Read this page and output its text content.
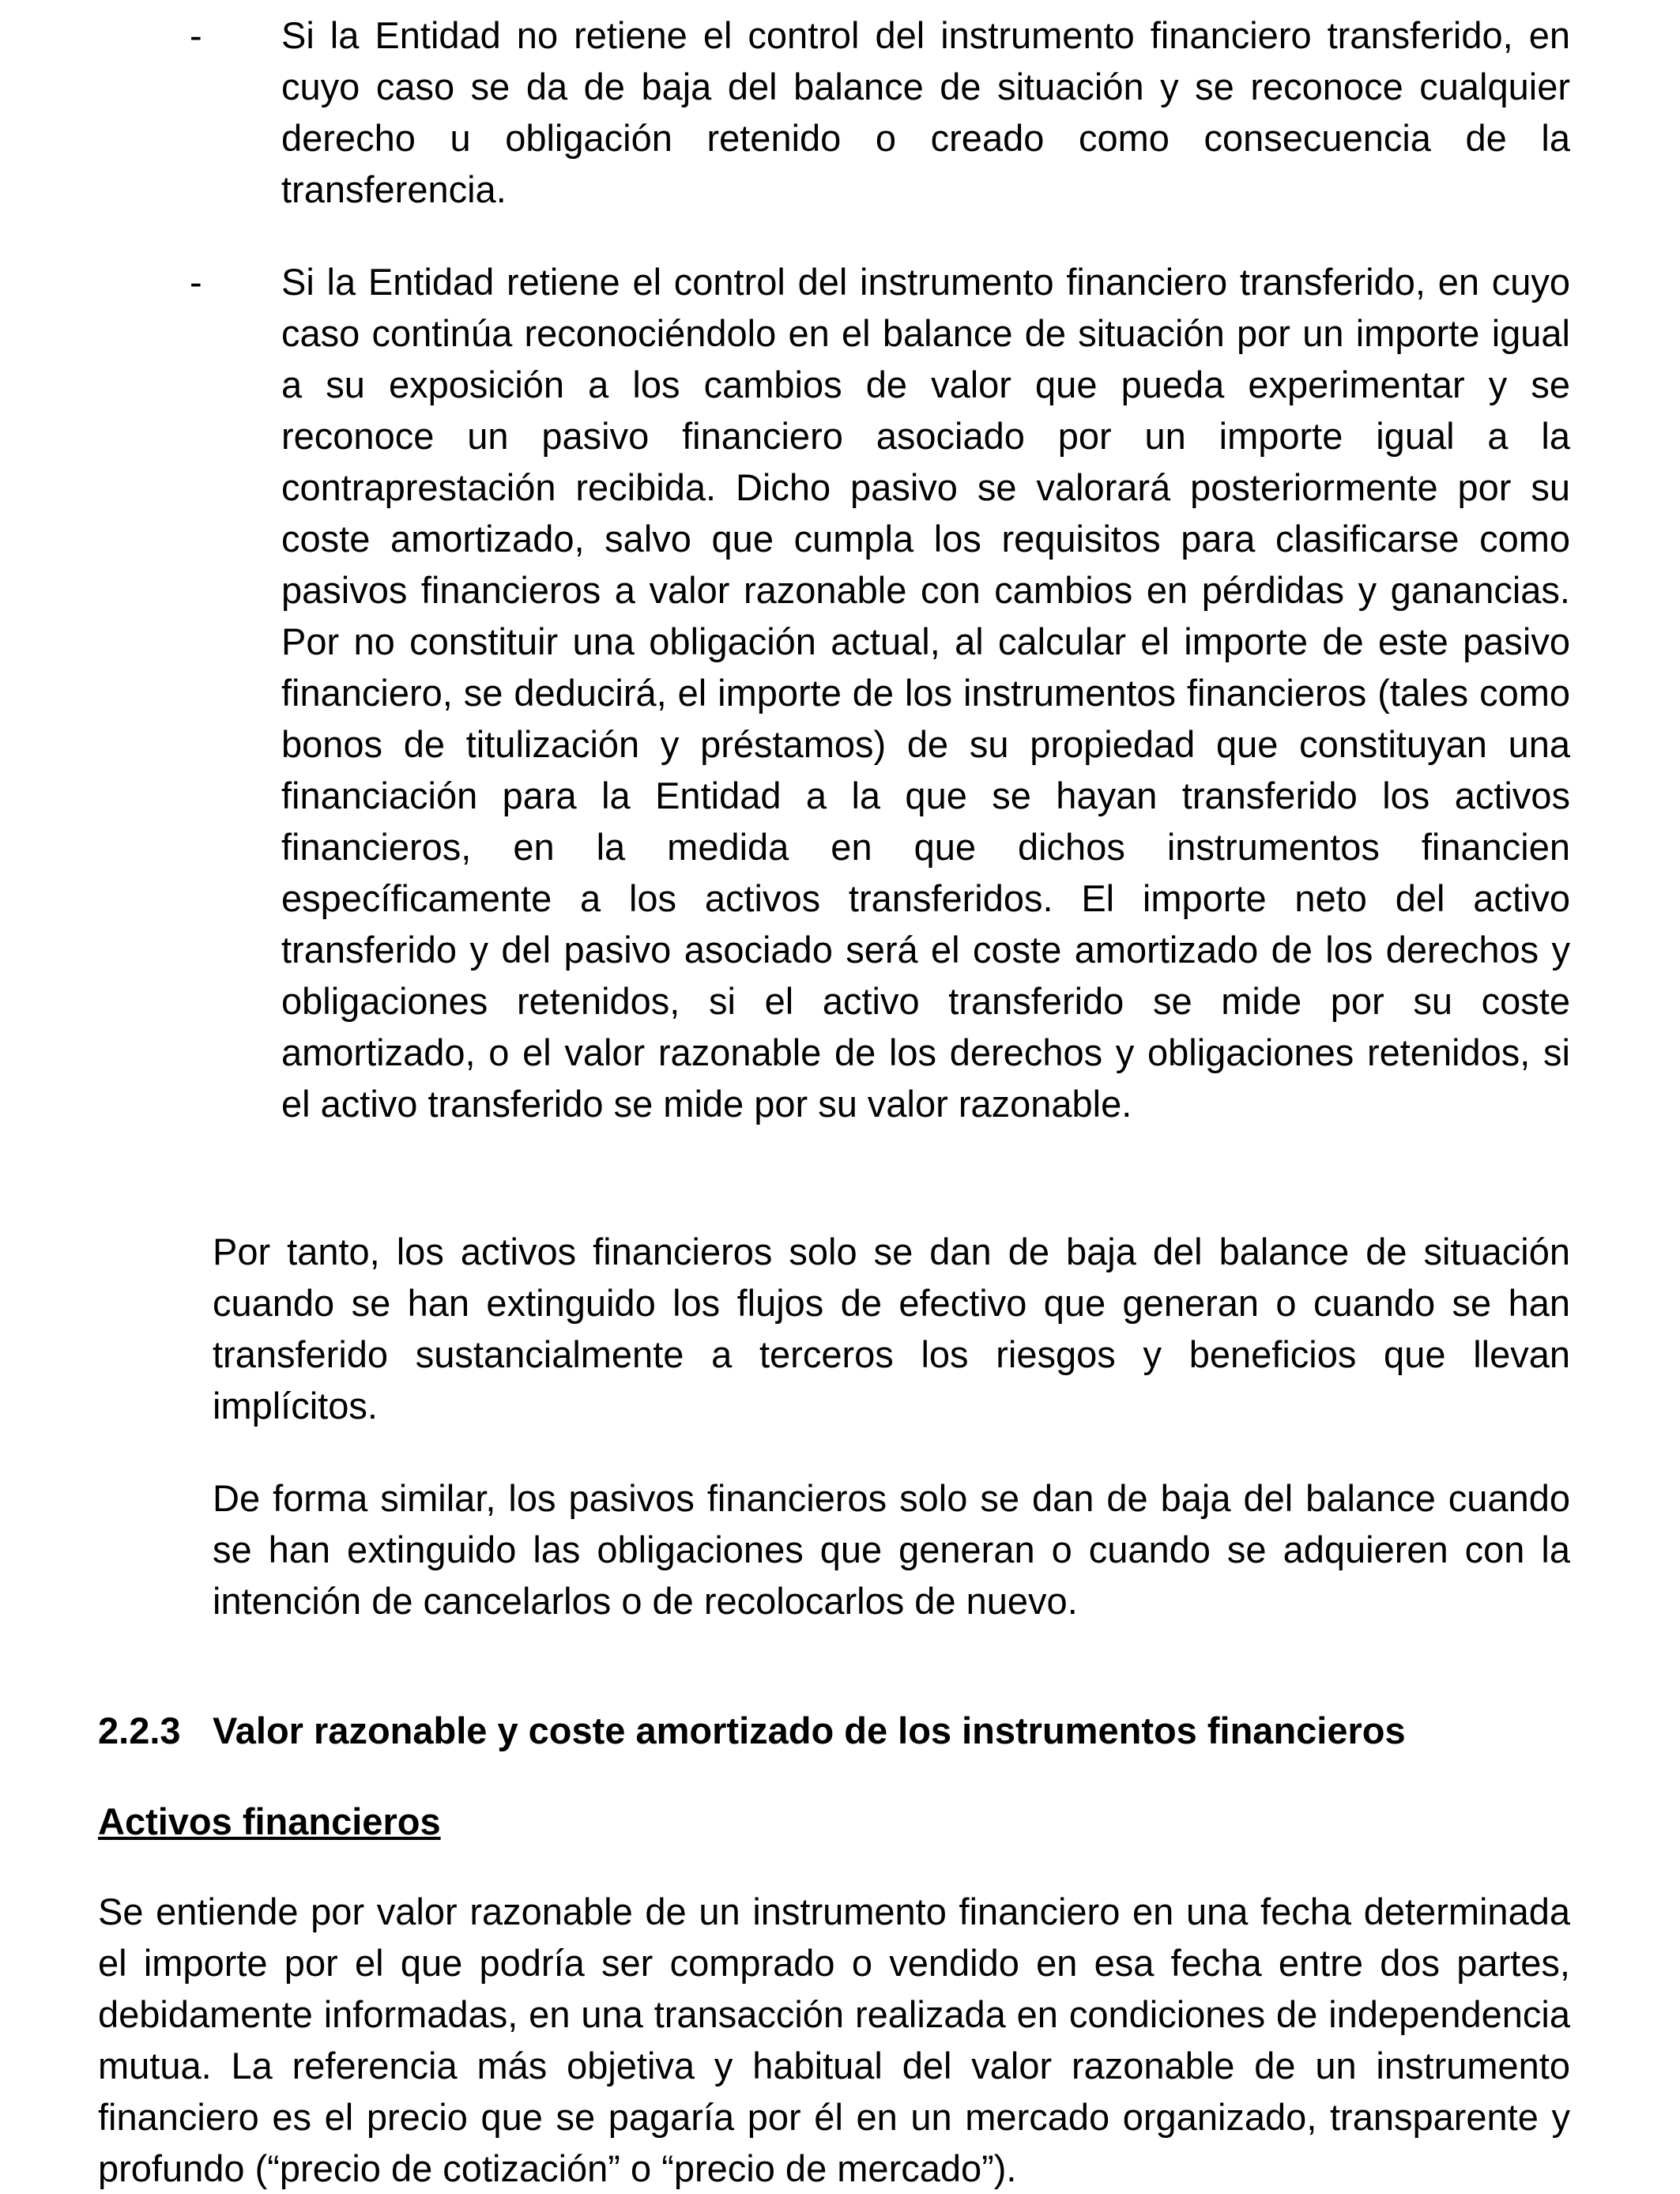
-	Si la Entidad no retiene el control del instrumento financiero transferido, en cuyo caso se da de baja del balance de situación y se reconoce cualquier derecho u obligación retenido o creado como consecuencia de la transferencia.

-	Si la Entidad retiene el control del instrumento financiero transferido, en cuyo caso continúa reconociéndolo en el balance de situación por un importe igual a su exposición a los cambios de valor que pueda experimentar y se reconoce un pasivo financiero asociado por un importe igual a la contraprestación recibida. Dicho pasivo se valorará posteriormente por su coste amortizado, salvo que cumpla los requisitos para clasificarse como pasivos financieros a valor razonable con cambios en pérdidas y ganancias. Por no constituir una obligación actual, al calcular el importe de este pasivo financiero, se deducirá, el importe de los instrumentos financieros (tales como bonos de titulización y préstamos) de su propiedad que constituyan una financiación para la Entidad a la que se hayan transferido los activos financieros, en la medida en que dichos instrumentos financien específicamente a los activos transferidos. El importe neto del activo transferido y del pasivo asociado será el coste amortizado de los derechos y obligaciones retenidos, si el activo transferido se mide por su coste amortizado, o el valor razonable de los derechos y obligaciones retenidos, si el activo transferido se mide por su valor razonable.

Por tanto, los activos financieros solo se dan de baja del balance de situación cuando se han extinguido los flujos de efectivo que generan o cuando se han transferido sustancialmente a terceros los riesgos y beneficios que llevan implícitos.

De forma similar, los pasivos financieros solo se dan de baja del balance cuando se han extinguido las obligaciones que generan o cuando se adquieren con la intención de cancelarlos o de recolocarlos de nuevo.

2.2.3 Valor razonable y coste amortizado de los instrumentos financieros
Activos financieros

Se entiende por valor razonable de un instrumento financiero en una fecha determinada el importe por el que podría ser comprado o vendido en esa fecha entre dos partes, debidamente informadas, en una transacción realizada en condiciones de independencia mutua. La referencia más objetiva y habitual del valor razonable de un instrumento financiero es el precio que se pagaría por él en un mercado organizado, transparente y profundo (“precio de cotización” o “precio de mercado”).
